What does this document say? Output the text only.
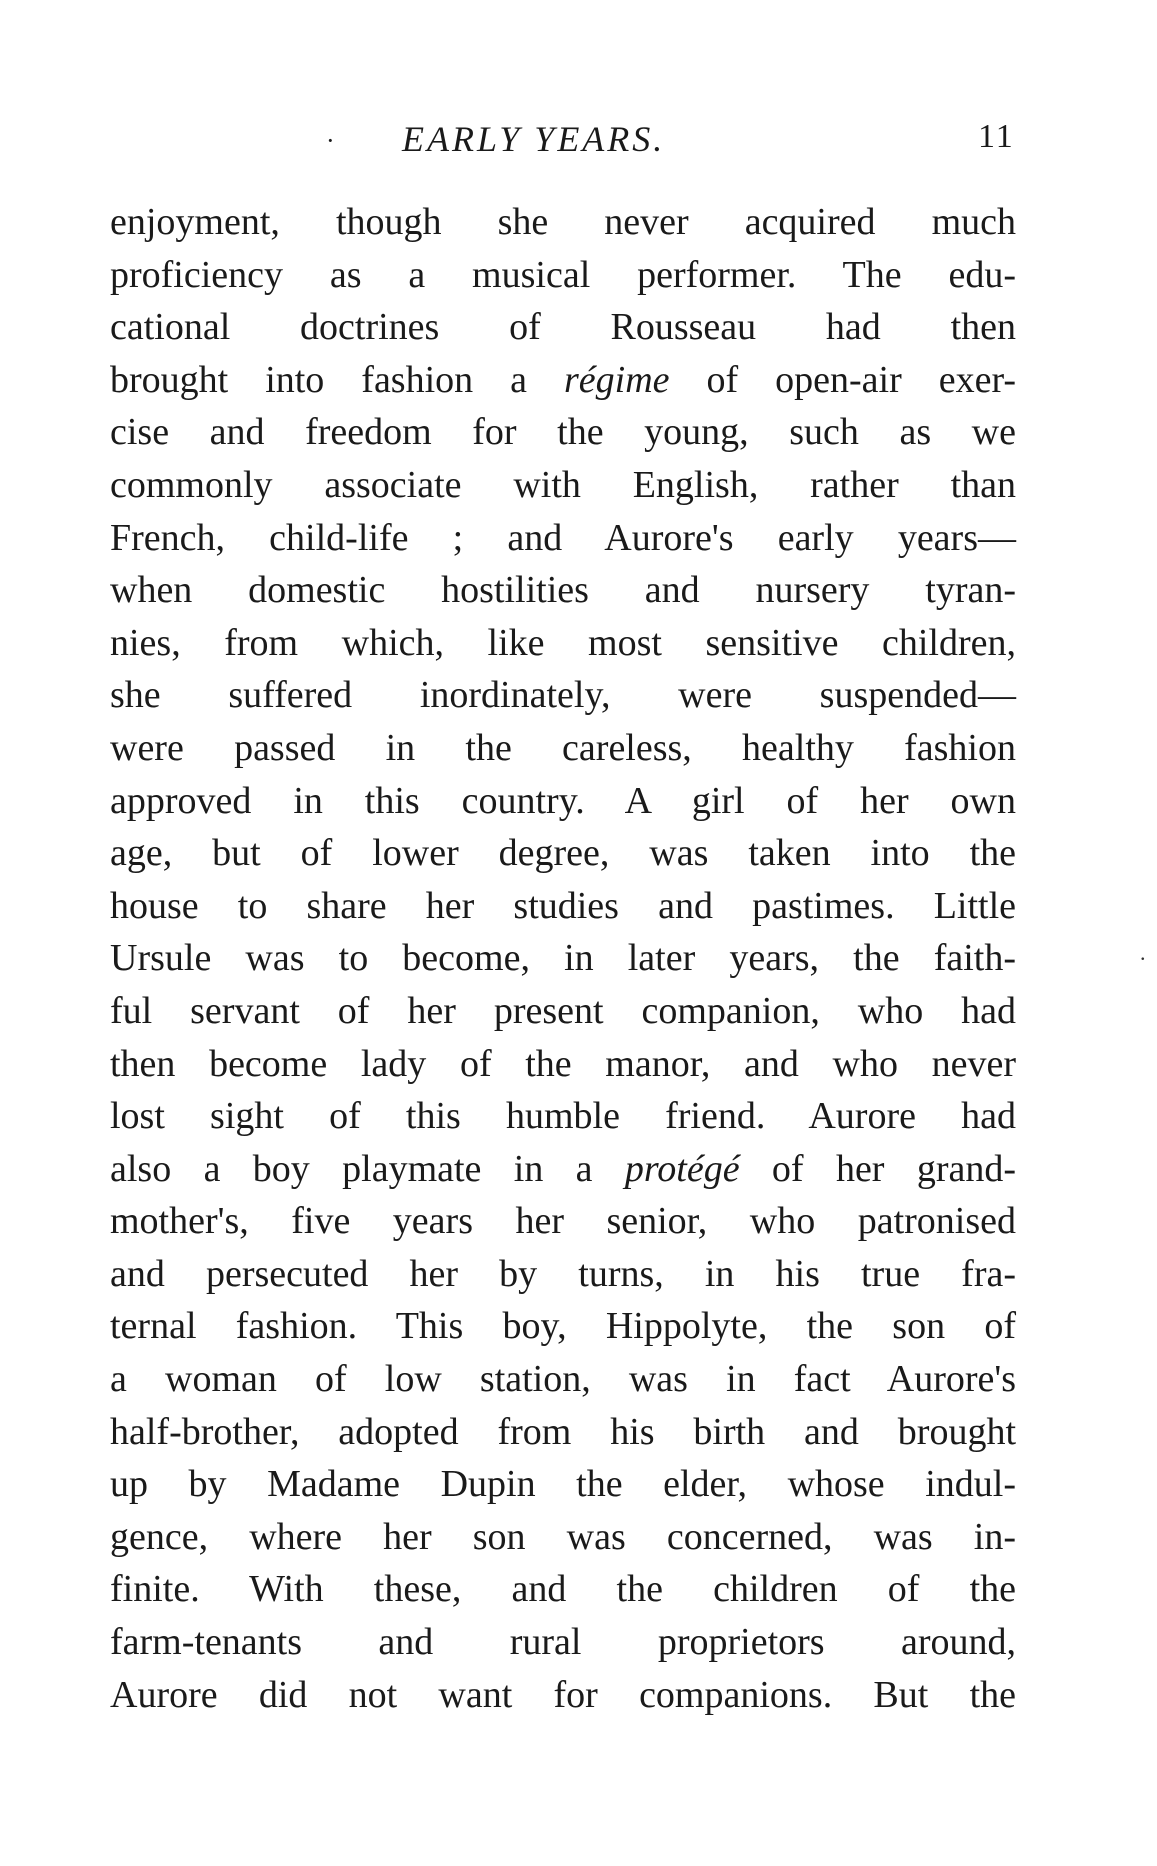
· EARLY YEARS.	11
enjoyment, though she never acquired much
proficiency as a musical performer. The edu-
cational doctrines of Rousseau had then
brought into fashion a régime of open-air exer-
cise and freedom for the young, such as we
commonly associate with English, rather than
French, child-life ; and Aurore's early years—
when domestic hostilities and nursery tyran-
nies, from which, like most sensitive children,
she suffered inordinately, were suspended—
were passed in the careless, healthy fashion
approved in this country. A girl of her own
age, but of lower degree, was taken into the
house to share her studies and pastimes. Little
Ursule was to become, in later years, the faith-
ful servant of her present companion, who had
then become lady of the manor, and who never
lost sight of this humble friend. Aurore had
also a boy playmate in a protégé of her grand-
mother's, five years her senior, who patronised
and persecuted her by turns, in his true fra-
ternal fashion. This boy, Hippolyte, the son of
a woman of low station, was in fact Aurore's
half-brother, adopted from his birth and brought
up by Madame Dupin the elder, whose indul-
gence, where her son was concerned, was in-
finite. With these, and the children of the
farm-tenants and rural proprietors around,
Aurore did not want for companions. But the
.
